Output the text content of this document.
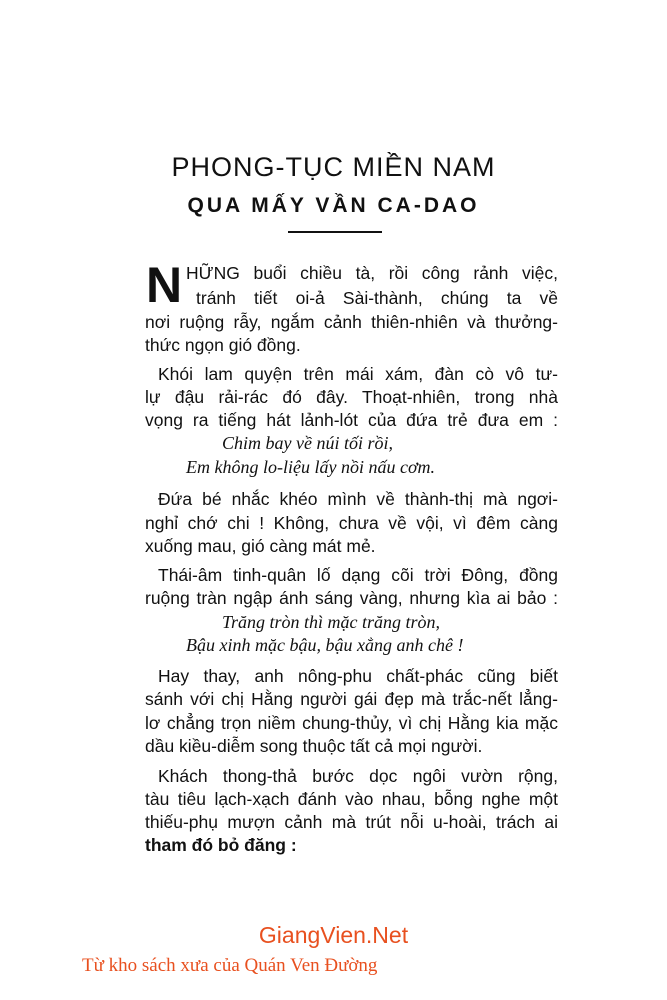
PHONG-TỤC MIỀN NAM
QUA MẤY VẦN CA-DAO
N HỮNG buổi chiều tà, rồi công rảnh việc,
tránh tiết oi-ả Sài-thành, chúng ta về
nơi ruộng rẫy, ngắm cảnh thiên-nhiên và thưởng-
thức ngọn gió đồng.
Khói lam quyện trên mái xám, đàn cò vô tư-
lự đậu rải-rác đó đây. Thoạt-nhiên, trong nhà
vọng ra tiếng hát lảnh-lót của đứa trẻ đưa em :
Chim bay về núi tối rồi,
Em không lo-liệu lấy nồi nấu cơm.
Đứa bé nhắc khéo mình về thành-thị mà ngơi-
nghỉ chớ chi ! Không, chưa về vội, vì đêm càng
xuống mau, gió càng mát mẻ.
Thái-âm tinh-quân lố dạng cõi trời Đông, đồng
ruộng tràn ngập ánh sáng vàng, nhưng kìa ai bảo :
Trăng tròn thì mặc trăng tròn,
Bậu xinh mặc bậu, bậu xẳng anh chê !
Hay thay, anh nông-phu chất-phác cũng biết
sánh với chị Hằng người gái đẹp mà trắc-nết lẳng-
lơ chẳng trọn niềm chung-thủy, vì chị Hằng kia mặc
dầu kiều-diễm song thuộc tất cả mọi người.
Khách thong-thả bước dọc ngôi vườn rộng,
tàu tiêu lạch-xạch đánh vào nhau, bỗng nghe một
thiếu-phụ mượn cảnh mà trút nỗi u-hoài, trách ai
tham đó bỏ đăng :
GiangVien.Net
Từ kho sách xưa của Quán Ven Đường
